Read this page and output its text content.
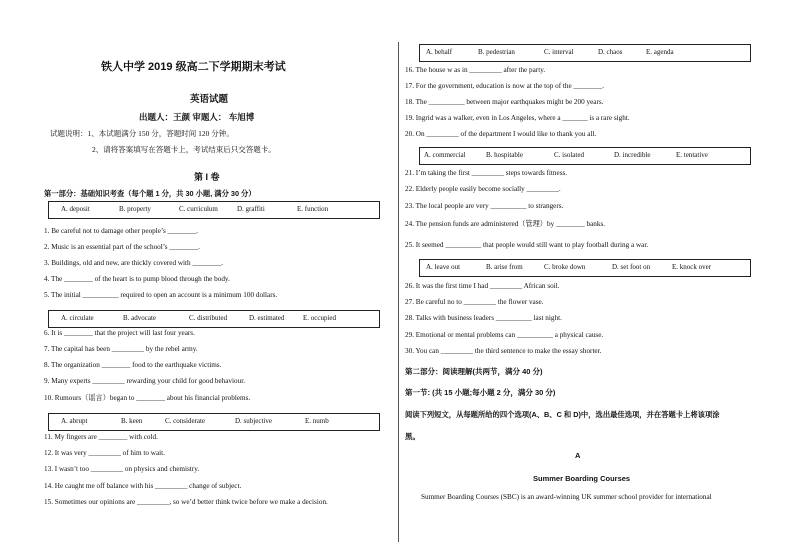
铁人中学 2019 级高二下学期期末考试
英语试题
出题人：王颜 审题人： 车旭博
试题说明：1、本试题满分 150 分，答题时间 120 分钟。
2、请将答案填写在答题卡上，考试结束后只交答题卡。
第 I 卷
第一部分：基础知识考查（每个题 1 分，共 30 小题, 满分 30 分）
A. deposit	B. property	C. curriculum	D. graffiti	E. function
1. Be careful not to damage other people’s ________.
2. Music is an essential part of the school’s ________.
3. Buildings, old and new, are thickly covered with ________.
4. The ________ of the heart is to pump blood through the body.
5. The initial __________ required to open an account is a minimum 100 dollars.
A. circulate	B. advocate	C. distributed	D. estimated	E. occupied
6. It is ________ that the project will last four years.
7. The capital has been _________ by the rebel army.
8. The organization ________ food to the earthquake victims.
9. Many experts _________ rewarding your child for good behaviour.
10. Rumours（谣言）began to ________ about his financial problems.
A. abrupt	B. keen	C. considerate	D. subjective	E. numb
11. My fingers are ________ with cold.
12. It was very _________ of him to wait.
13. I wasn’t too _________ on physics and chemistry.
14. He caught me off balance with his _________ change of subject.
15. Sometimes our opinions are _________, so we’d better think twice before we make a decision.
A. behalf	B. pedestrian	C. interval	D. chaos	E. agenda
16. The house w as in _________ after the party.
17. For the government, education is now at the top of the ________.
18. The __________ between major earthquakes might be 200 years.
19. Ingrid was a walker, even in Los Angeles, where a _______ is a rare sight.
20. On _________ of the department I would like to thank you all.
A. commercial	B. hospitable	C. isolated	D. incredible	E. tentative
21. I’m taking the first _________ steps towards fitness.
22. Elderly people easily become socially _________.
23. The local people are very __________ to strangers.
24. The pension funds are administered（管理）by ________ banks.
25. It seemed __________ that people would still want to play football during a war.
A. leave out	B. arise from	C. broke down	D. set foot on	E. knock over
26. It was the first time I had _________ African soil.
27. Be careful no to _________ the flower vase.
28. Talks with business leaders __________ last night.
29. Emotional or mental problems can __________ a physical cause.
30. You can _________ the third sentence to make the essay shorter.
第二部分：阅读理解(共两节，满分 40 分)
第一节: (共 15 小题;每小题 2 分，满分 30 分)
阅读下列短文，从每题所给的四个选项(A、B、C 和 D)中，选出最佳选项，并在答题卡上将该项涂
黑。
A
Summer Boarding Courses
Summer Boarding Courses (SBC) is an award-winning UK summer school provider for international
